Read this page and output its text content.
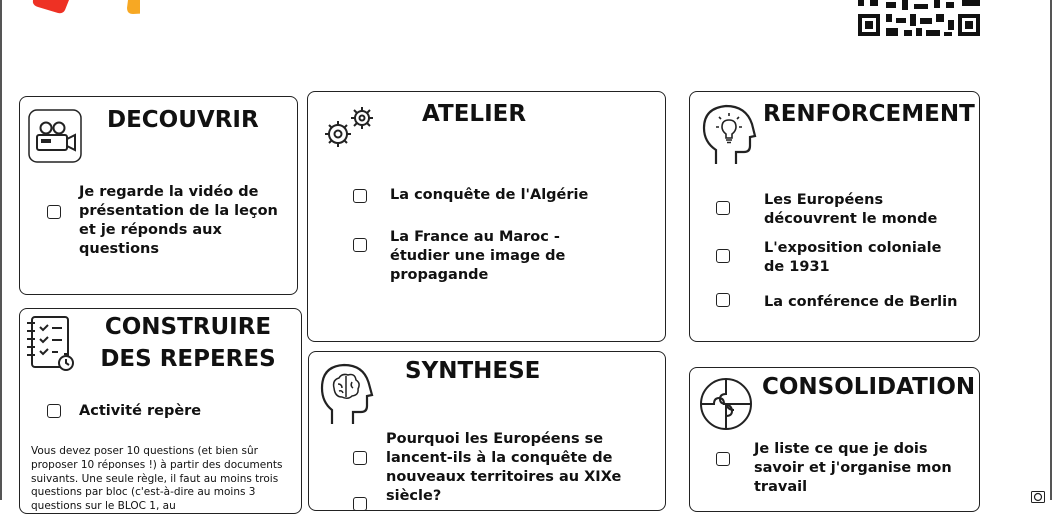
DECOUVRIR
Je regarde la vidéo de présentation de la leçon et je réponds aux questions
ATELIER
La conquête de l'Algérie
La France au Maroc - étudier une image de propagande
RENFORCEMENT
Les Européens découvrent le monde
L'exposition coloniale de 1931
La conférence de Berlin
CONSTRUIRE DES REPERES
Activité repère
Vous devez poser 10 questions (et bien sûr proposer 10 réponses !) à partir des documents suivants. Une seule règle, il faut au moins trois questions par bloc (c'est-à-dire au moins 3 questions sur le BLOC 1, au
SYNTHESE
Pourquoi les Européens se lancent-ils à la conquête de nouveaux territoires au XIXe siècle?
CONSOLIDATION
Je liste ce que je dois savoir et j'organise mon travail
